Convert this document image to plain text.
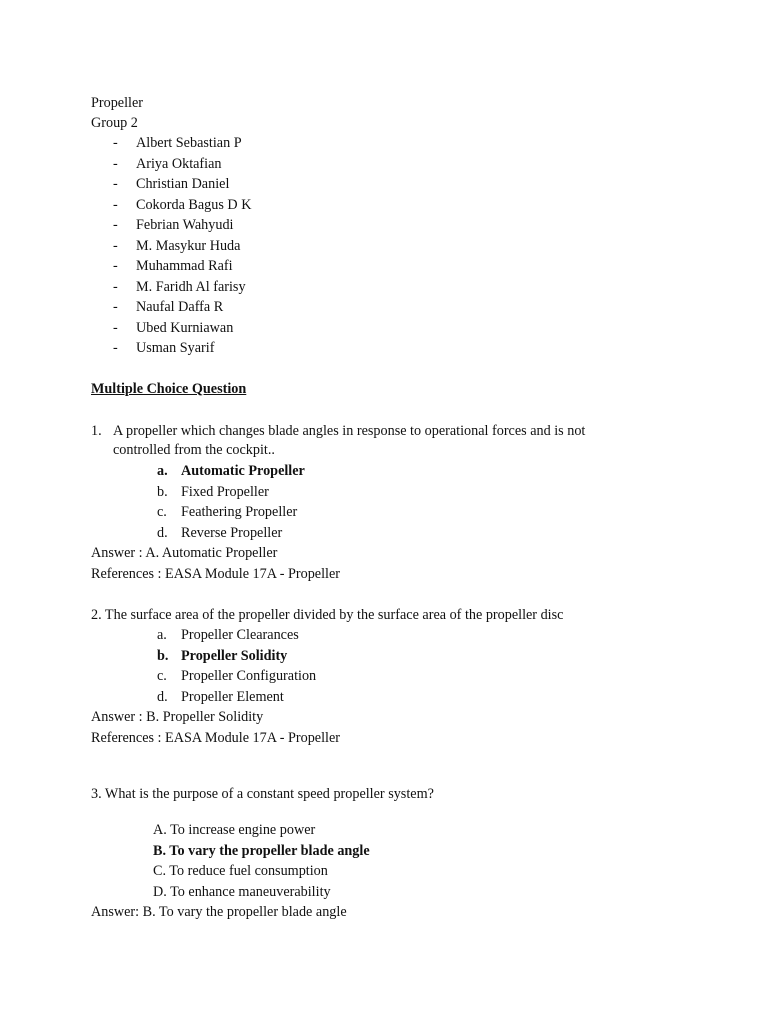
Propeller
Group 2
- Albert Sebastian P
- Ariya Oktafian
- Christian Daniel
- Cokorda Bagus D K
- Febrian Wahyudi
- M. Masykur Huda
- Muhammad Rafi
- M. Faridh Al farisy
- Naufal Daffa R
- Ubed Kurniawan
- Usman Syarif
Multiple Choice Question
1. A propeller which changes blade angles in response to operational forces and is not
controlled from the cockpit..
a. Automatic Propeller
b. Fixed Propeller
c. Feathering Propeller
d. Reverse Propeller
Answer : A. Automatic Propeller
References : EASA Module 17A - Propeller
2. The surface area of the propeller divided by the surface area of the propeller disc
a. Propeller Clearances
b. Propeller Solidity
c. Propeller Configuration
d. Propeller Element
Answer : B. Propeller Solidity
References : EASA Module 17A - Propeller
3. What is the purpose of a constant speed propeller system?
A. To increase engine power
B. To vary the propeller blade angle
C. To reduce fuel consumption
D. To enhance maneuverability
Answer: B. To vary the propeller blade angle
